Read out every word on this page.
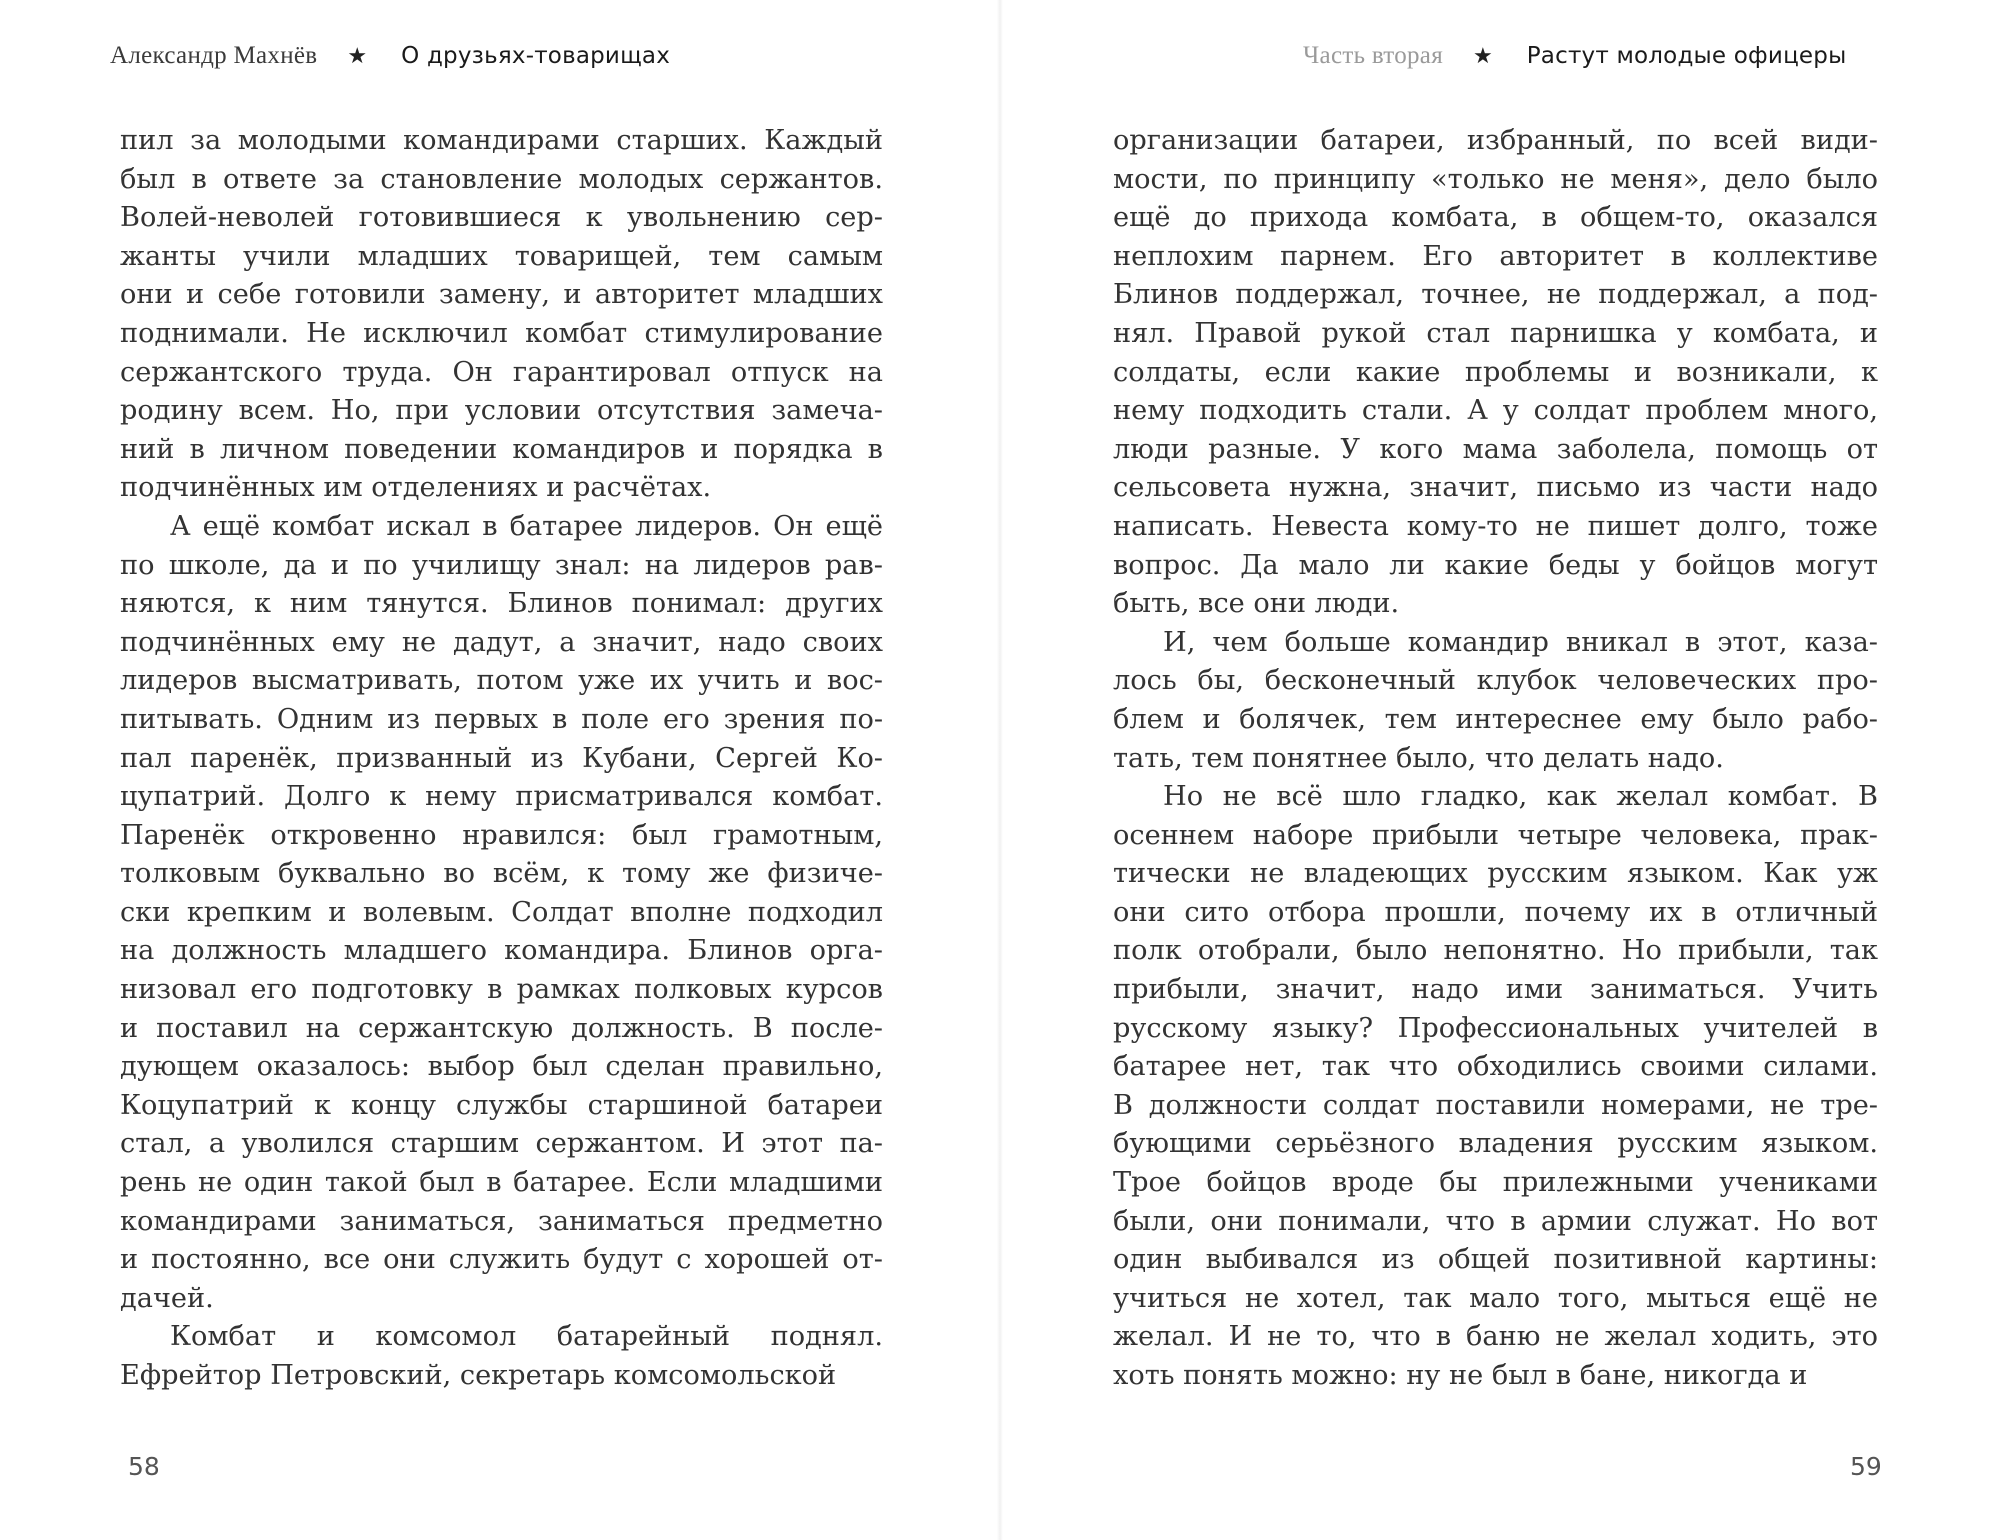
Александр Махнёв ★ О друзьях-товарищах
пил за молодыми командирами старших. Каждый
был в ответе за становление молодых сержантов.
Волей-неволей готовившиеся к увольнению сер-
жанты учили младших товарищей, тем самым
они и себе готовили замену, и авторитет младших
поднимали. Не исключил комбат стимулирование
сержантского труда. Он гарантировал отпуск на
родину всем. Но, при условии отсутствия замеча-
ний в личном поведении командиров и порядка в
подчинённых им отделениях и расчётах.
А ещё комбат искал в батарее лидеров. Он ещё
по школе, да и по училищу знал: на лидеров рав-
няются, к ним тянутся. Блинов понимал: других
подчинённых ему не дадут, а значит, надо своих
лидеров высматривать, потом уже их учить и вос-
питывать. Одним из первых в поле его зрения по-
пал паренёк, призванный из Кубани, Сергей Ко-
цупатрий. Долго к нему присматривался комбат.
Паренёк откровенно нравился: был грамотным,
толковым буквально во всём, к тому же физиче-
ски крепким и волевым. Солдат вполне подходил
на должность младшего командира. Блинов орга-
низовал его подготовку в рамках полковых курсов
и поставил на сержантскую должность. В после-
дующем оказалось: выбор был сделан правильно,
Коцупатрий к концу службы старшиной батареи
стал, а уволился старшим сержантом. И этот па-
рень не один такой был в батарее. Если младшими
командирами заниматься, заниматься предметно
и постоянно, все они служить будут с хорошей от-
дачей.
Комбат и комсомол батарейный поднял.
Ефрейтор Петровский, секретарь комсомольской
58
Часть вторая ★ Растут молодые офицеры
организации батареи, избранный, по всей види-
мости, по принципу «только не меня», дело было
ещё до прихода комбата, в общем-то, оказался
неплохим парнем. Его авторитет в коллективе
Блинов поддержал, точнее, не поддержал, а под-
нял. Правой рукой стал парнишка у комбата, и
солдаты, если какие проблемы и возникали, к
нему подходить стали. А у солдат проблем много,
люди разные. У кого мама заболела, помощь от
сельсовета нужна, значит, письмо из части надо
написать. Невеста кому-то не пишет долго, тоже
вопрос. Да мало ли какие беды у бойцов могут
быть, все они люди.
И, чем больше командир вникал в этот, каза-
лось бы, бесконечный клубок человеческих про-
блем и болячек, тем интереснее ему было рабо-
тать, тем понятнее было, что делать надо.
Но не всё шло гладко, как желал комбат. В
осеннем наборе прибыли четыре человека, прак-
тически не владеющих русским языком. Как уж
они сито отбора прошли, почему их в отличный
полк отобрали, было непонятно. Но прибыли, так
прибыли, значит, надо ими заниматься. Учить
русскому языку? Профессиональных учителей в
батарее нет, так что обходились своими силами.
В должности солдат поставили номерами, не тре-
бующими серьёзного владения русским языком.
Трое бойцов вроде бы прилежными учениками
были, они понимали, что в армии служат. Но вот
один выбивался из общей позитивной картины:
учиться не хотел, так мало того, мыться ещё не
желал. И не то, что в баню не желал ходить, это
хоть понять можно: ну не был в бане, никогда и
59
